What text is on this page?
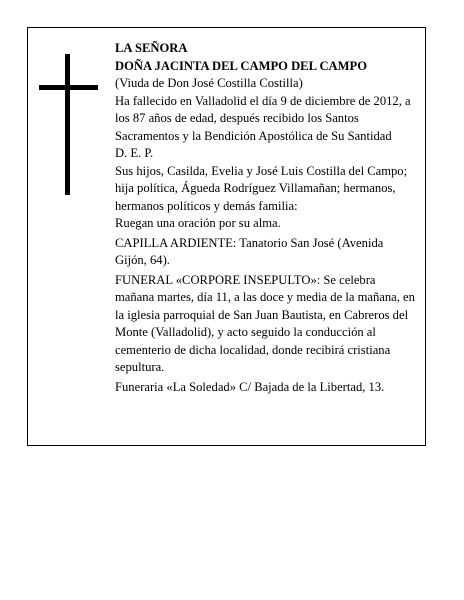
LA SEÑORA

DOÑA JACINTA DEL CAMPO DEL CAMPO

(Viuda de Don José Costilla Costilla)

Ha fallecido en Valladolid el día 9 de diciembre de 2012, a los 87 años de edad, después recibido los Santos Sacramentos y la Bendición Apostólica de Su Santidad

D. E. P.

Sus hijos, Casilda, Evelia y José Luis Costilla del Campo; hija política, Águeda Rodríguez Villamañan; hermanos, hermanos políticos y demás familia:

Ruegan una oración por su alma.

CAPILLA ARDIENTE: Tanatorio San José (Avenida Gijón, 64).

FUNERAL «CORPORE INSEPULTO»: Se celebra mañana martes, día 11, a las doce y media de la mañana, en la iglesia parroquial de San Juan Bautista, en Cabreros del Monte (Valladolid), y acto seguido la conducción al cementerio de dicha localidad, donde recibirá cristiana sepultura.

Funeraria «La Soledad» C/ Bajada de la Libertad, 13.
